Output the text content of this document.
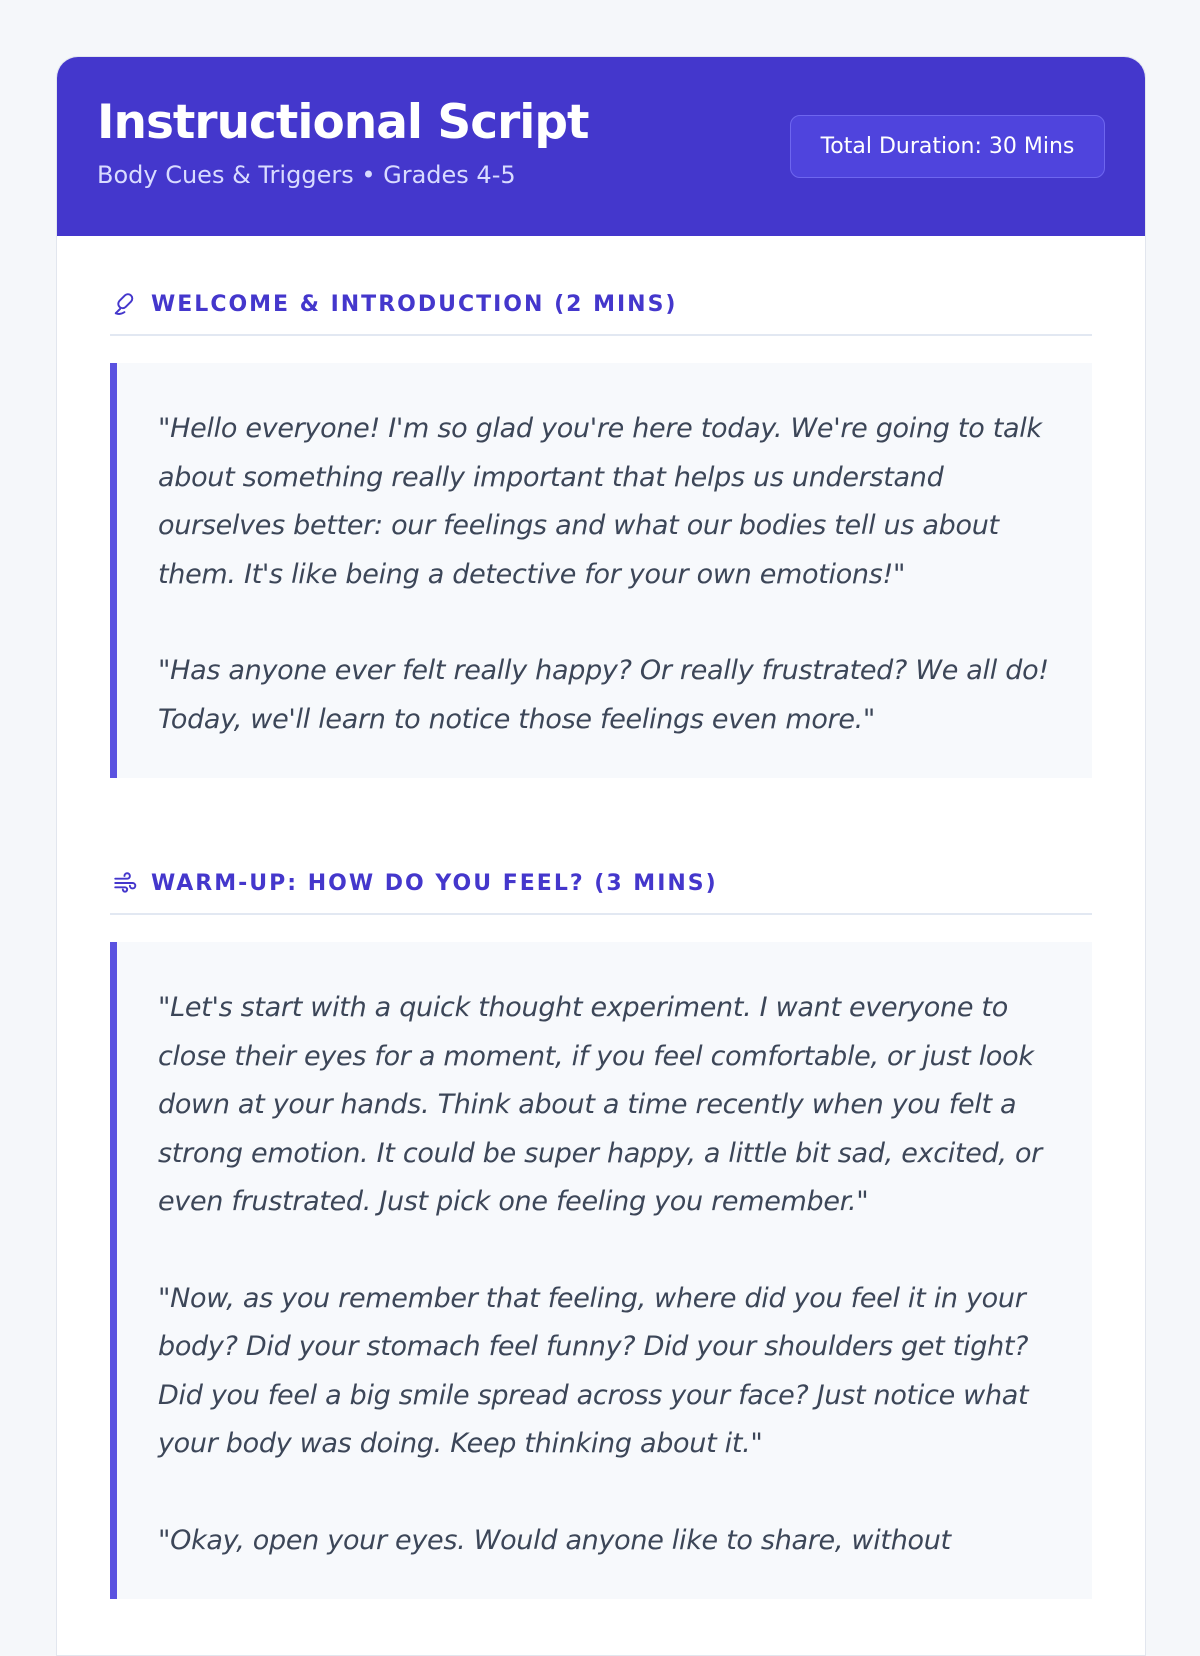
Instructional Script
Body Cues & Triggers • Grades 4-5
Total Duration: 30 Mins
WELCOME & INTRODUCTION (2 MINS)

"Hello everyone! I'm so glad you're here today. We're going to talk about something really important that helps us understand ourselves better: our feelings and what our bodies tell us about them. It's like being a detective for your own emotions!"

"Has anyone ever felt really happy? Or really frustrated? We all do! Today, we'll learn to notice those feelings even more."

WARM-UP: HOW DO YOU FEEL? (3 MINS)

"Let's start with a quick thought experiment. I want everyone to close their eyes for a moment, if you feel comfortable, or just look down at your hands. Think about a time recently when you felt a strong emotion. It could be super happy, a little bit sad, excited, or even frustrated. Just pick one feeling you remember."

"Now, as you remember that feeling, where did you feel it in your body? Did your stomach feel funny? Did your shoulders get tight? Did you feel a big smile spread across your face? Just notice what your body was doing. Keep thinking about it."

"Okay, open your eyes. Would anyone like to share, without
